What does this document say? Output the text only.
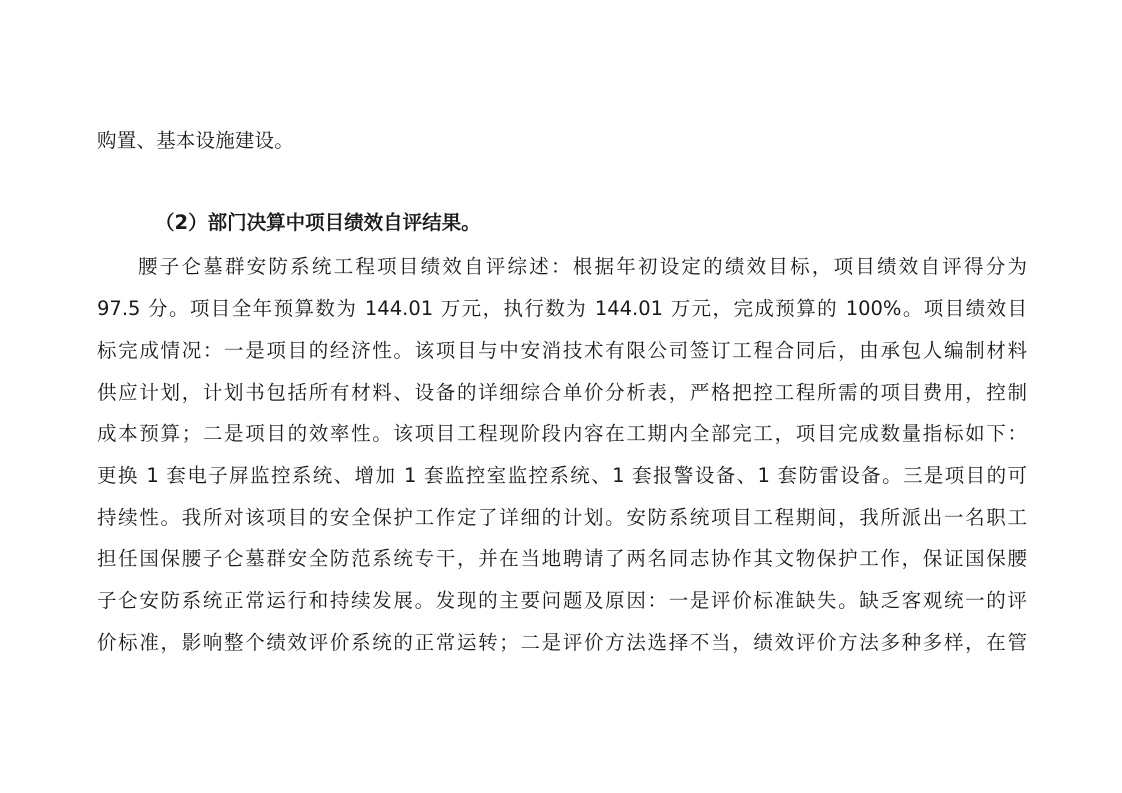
购置、基本设施建设。
（2）部门决算中项目绩效自评结果。
腰子仑墓群安防系统工程项目绩效自评综述：根据年初设定的绩效目标，项目绩效自评得分为
97.5 分。项目全年预算数为 144.01 万元，执行数为 144.01 万元，完成预算的 100%。项目绩效目
标完成情况：一是项目的经济性。该项目与中安消技术有限公司签订工程合同后，由承包人编制材料
供应计划，计划书包括所有材料、设备的详细综合单价分析表，严格把控工程所需的项目费用，控制
成本预算；二是项目的效率性。该项目工程现阶段内容在工期内全部完工，项目完成数量指标如下：
更换 1 套电子屏监控系统、增加 1 套监控室监控系统、1 套报警设备、1 套防雷设备。三是项目的可
持续性。我所对该项目的安全保护工作定了详细的计划。安防系统项目工程期间，我所派出一名职工
担任国保腰子仑墓群安全防范系统专干，并在当地聘请了两名同志协作其文物保护工作，保证国保腰
子仑安防系统正常运行和持续发展。发现的主要问题及原因：一是评价标准缺失。缺乏客观统一的评
价标准，影响整个绩效评价系统的正常运转；二是评价方法选择不当，绩效评价方法多种多样，在管
